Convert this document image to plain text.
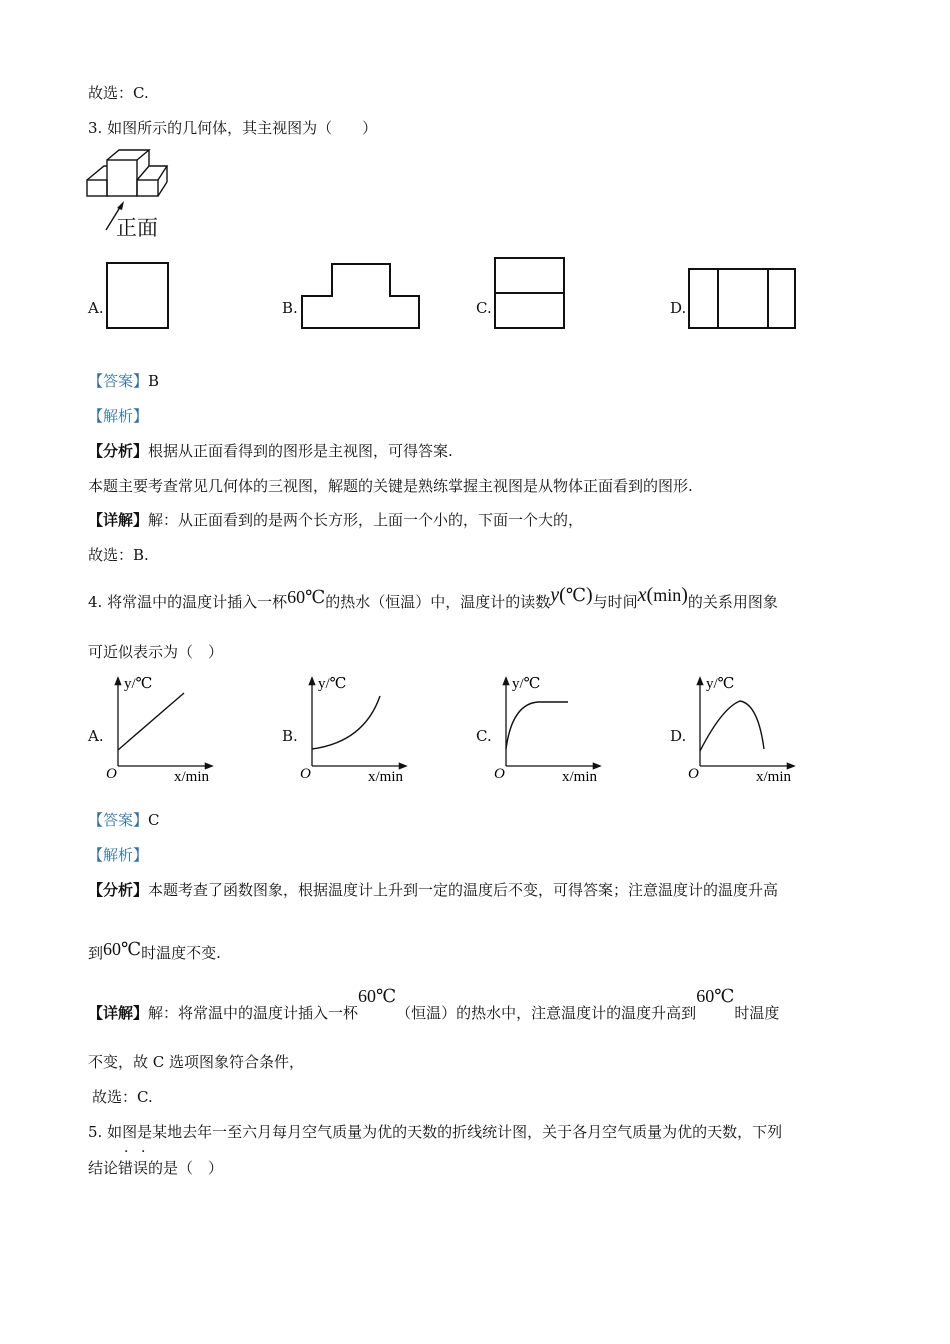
故选：C.
3. 如图所示的几何体，其主视图为（　　）
正面
A.	B.	C.	D.
【答案】B
【解析】
【分析】根据从正面看得到的图形是主视图，可得答案.
本题主要考查常见几何体的三视图，解题的关键是熟练掌握主视图是从物体正面看到的图形.
【详解】解：从正面看到的是两个长方形，上面一个小的，下面一个大的，
故选：B.
4. 将常温中的温度计插入一杯60℃的热水（恒温）中，温度计的读数y(℃)与时间x(min)的关系用图象
可近似表示为（　）
A.	B.	C.	D.
y/℃
O	x/min
y/℃
O	x/min
y/℃
O	x/min
y/℃
O	x/min
【答案】C
【解析】
【分析】本题考查了函数图象，根据温度计上升到一定的温度后不变，可得答案；注意温度计的温度升高
到60℃时温度不变.
【详解】解：将常温中的温度计插入一杯60℃（恒温）的热水中，注意温度计的温度升高到60℃时温度
不变，故 C 选项图象符合条件，
故选：C.
5. 如图是某地去年一至六月每月空气质量为优的天数的折线统计图，关于各月空气质量为优的天数，下列
· ·
结论错误的是（　）
